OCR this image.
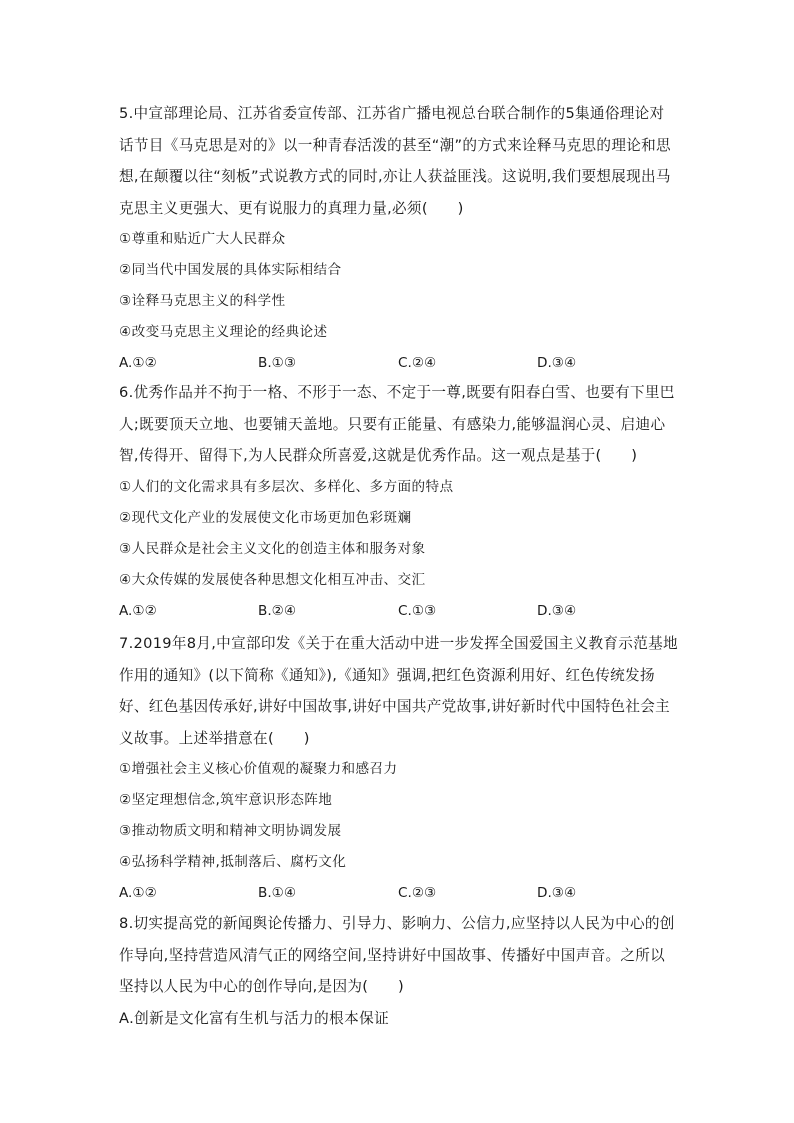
5.中宣部理论局、江苏省委宣传部、江苏省广播电视总台联合制作的5集通俗理论对话节目《马克思是对的》以一种青春活泼的甚至“潮”的方式来诠释马克思的理论和思想,在颠覆以往“刻板”式说教方式的同时,亦让人获益匪浅。这说明,我们要想展现出马克思主义更强大、更有说服力的真理力量,必须(　　)

①尊重和贴近广大人民群众

②同当代中国发展的具体实际相结合

③诠释马克思主义的科学性

④改变马克思主义理论的经典论述

A.①②	B.①③	C.②④	D.③④

6.优秀作品并不拘于一格、不形于一态、不定于一尊,既要有阳春白雪、也要有下里巴人;既要顶天立地、也要铺天盖地。只要有正能量、有感染力,能够温润心灵、启迪心智,传得开、留得下,为人民群众所喜爱,这就是优秀作品。这一观点是基于(　　)

①人们的文化需求具有多层次、多样化、多方面的特点

②现代文化产业的发展使文化市场更加色彩斑斓

③人民群众是社会主义文化的创造主体和服务对象

④大众传媒的发展使各种思想文化相互冲击、交汇

A.①②	B.②④	C.①③	D.③④

7.2019年8月,中宣部印发《关于在重大活动中进一步发挥全国爱国主义教育示范基地作用的通知》(以下简称《通知》),《通知》强调,把红色资源利用好、红色传统发扬好、红色基因传承好,讲好中国故事,讲好中国共产党故事,讲好新时代中国特色社会主义故事。上述举措意在(　　)

①增强社会主义核心价值观的凝聚力和感召力

②坚定理想信念,筑牢意识形态阵地

③推动物质文明和精神文明协调发展

④弘扬科学精神,抵制落后、腐朽文化

A.①②	B.①④	C.②③	D.③④

8.切实提高党的新闻舆论传播力、引导力、影响力、公信力,应坚持以人民为中心的创作导向,坚持营造风清气正的网络空间,坚持讲好中国故事、传播好中国声音。之所以坚持以人民为中心的创作导向,是因为(　　)

A.创新是文化富有生机与活力的根本保证
